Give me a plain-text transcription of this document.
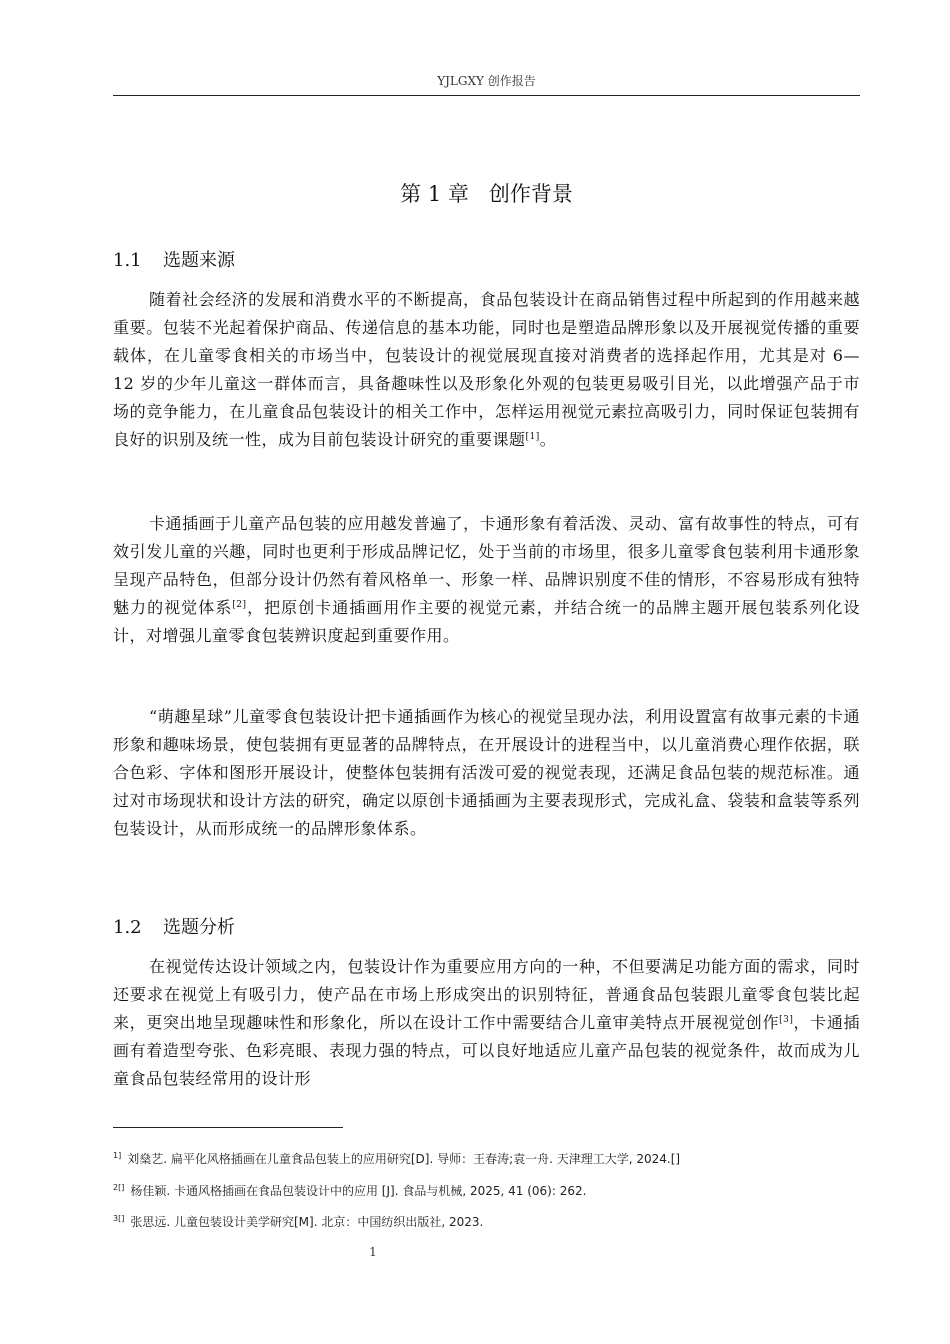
YJLGXY 创作报告
第 1 章 创作背景
1.1 选题来源

随着社会经济的发展和消费水平的不断提高，食品包装设计在商品销售过程中所起到的作用越来越重要。包装不光起着保护商品、传递信息的基本功能，同时也是塑造品牌形象以及开展视觉传播的重要载体，在儿童零食相关的市场当中，包装设计的视觉展现直接对消费者的选择起作用，尤其是对 6—12 岁的少年儿童这一群体而言，具备趣味性以及形象化外观的包装更易吸引目光，以此增强产品于市场的竞争能力，在儿童食品包装设计的相关工作中，怎样运用视觉元素拉高吸引力，同时保证包装拥有良好的识别及统一性，成为目前包装设计研究的重要课题[1]。

卡通插画于儿童产品包装的应用越发普遍了，卡通形象有着活泼、灵动、富有故事性的特点，可有效引发儿童的兴趣，同时也更利于形成品牌记忆，处于当前的市场里，很多儿童零食包装利用卡通形象呈现产品特色，但部分设计仍然有着风格单一、形象一样、品牌识别度不佳的情形，不容易形成有独特魅力的视觉体系[2]，把原创卡通插画用作主要的视觉元素，并结合统一的品牌主题开展包装系列化设计，对增强儿童零食包装辨识度起到重要作用。

“萌趣星球”儿童零食包装设计把卡通插画作为核心的视觉呈现办法，利用设置富有故事元素的卡通形象和趣味场景，使包装拥有更显著的品牌特点，在开展设计的进程当中，以儿童消费心理作依据，联合色彩、字体和图形开展设计，使整体包装拥有活泼可爱的视觉表现，还满足食品包装的规范标准。通过对市场现状和设计方法的研究，确定以原创卡通插画为主要表现形式，完成礼盒、袋装和盒装等系列包装设计，从而形成统一的品牌形象体系。

1.2 选题分析

在视觉传达设计领域之内，包装设计作为重要应用方向的一种，不但要满足功能方面的需求，同时还要求在视觉上有吸引力，使产品在市场上形成突出的识别特征，普通食品包装跟儿童零食包装比起来，更突出地呈现趣味性和形象化，所以在设计工作中需要结合儿童审美特点开展视觉创作[3]，卡通插画有着造型夸张、色彩亮眼、表现力强的特点，可以良好地适应儿童产品包装的视觉条件，故而成为儿童食品包装经常用的设计形

$^{1]}$ 刘燊艺. 扁平化风格插画在儿童食品包装上的应用研究[D]. 导师：王春涛;袁一舟. 天津理工大学, 2024.[]
$^{2[]}$ 杨佳颖. 卡通风格插画在食品包装设计中的应用 [J]. 食品与机械, 2025, 41 (06): 262.
$^{3[]}$ 张思远. 儿童包装设计美学研究[M]. 北京：中国纺织出版社, 2023.
1
